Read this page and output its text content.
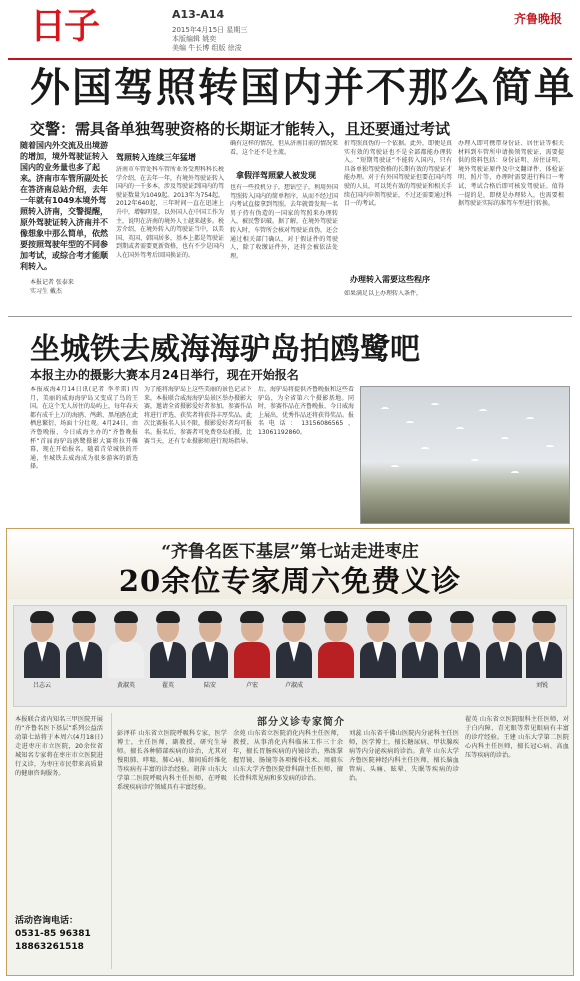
日子	A13-A14
2015年4月15日 星期三
本版编辑 姚奕
美编 牛长博 组版 徐浚
齐鲁晚报
外国驾照转国内并不那么简单
交警：需具备单独驾驶资格的长期证才能转入，且还要通过考试
随着国内外交流及出境游的增加，境外驾驶证转入国内的业务量也多了起来。济南市车管所副处长在答济南总站介绍，去年一年就有1049本境外驾照转入济南，交警提醒，原外驾驶证转入济南并不像想象中那么简单，依然要按照驾驶年型的不同参加考试，或综合考才能顺利转入。
本报记者 张泰来
实习生 戴杰
驾照转入连续三年猛增
济南市车管处科车管所业务受理科科长税学介绍，在去年一年，有境外驾驶证转入国内的一千多本，涉及驾驶证到国内的驾驶证数量为1049起。2013年为754起，2012年640起，三年时间一直在迅速上升中，增幅明显，以外国人在中国工作为主，说明在济南的境外人士越来越多。税芳介绍，在境外转入的驾驶证当中，以美国、英国、韩国居多，基本上都是驾驶证到期或者需要更新资格，也有不少是国内人在国外驾考后回国换证的。
确有这样的情况，但从济南目前的情况来看，这个还不是主流。
拿假洋驾照蒙人被发现
也有一些投机分子，想钻空子，利用外国驾照转入国内的简单程序，从而不经过国内考试直接拿到驾照。去年就曾发现一名男子持有伪造的一国家的驾照来办理转入，被民警识破。据了解，在境外驾驶证转入时，车管所会核对驾驶证真伪，还会通过相关部门确认，对于假证件的驾驶人，除了收缴证件外，还将会被依法处理。
折驾照真伪的一个依据。此外，即便是真实有效的驾驶证也不是全部都能办理转入。“短期驾驶证”不能转入国内，只有具备单独驾驶资格的长期有效的驾驶证才能办理。对于有外国驾驶证但要在国内驾驶的人员，可以凭有效的驾驶证和相关手续在国内申领驾驶证，不过还需要通过科目一的考试。
办理转入需要这些程序
如果满足以上办理转入条件，
办理入即可携带身份证、居住证等相关材料到车管所申请换领驾驶证，需要提供的资料包括：身份证明、居住证明、境外驾驶证原件及中文翻译件、体检证明、照片等，办理时需要进行科目一考试，考试合格后即可核发驾驶证。值得一提的是，即便是办理转入，也需要根据驾驶证实际的准驾车型进行转换。
坐城铁去威海海驴岛拍鸥鹭吧
本报主办的摄影大赛本月24日举行，现在开始报名
本报威海4月14日讯(记者 李孝雷) 四月，美丽的威海海驴岛又变成了鸟的王国。在这个无人居住的岛屿上，每年春天都有成千上万的海鸥、鸬鹚、黑尾鸥在此栖息繁衍，场面十分壮观。4月24日，由齐鲁晚报、今日威海主办的“齐鲁晚报杯”首届海驴岛鸥鹭摄影大赛将拉开帷幕，现在开始报名。随着青荣城铁的开通，坐城铁去威海成为很多游客的新选择。
为了能将海驴岛上这些美丽的景色记录下来，本报联合威海海驴岛景区举办摄影大赛，邀请全省摄影爱好者参加。参赛作品将进行评选，获奖者将获得丰厚奖品。此次比赛报名人员不限，摄影爱好者均可报名。报名后，参赛者可免费登岛拍摄，比赛当天，还有专业摄影师进行现场指导。
后，海驴岛将提供齐鲁晚报和这些看驴岛，为全省第六个摄影基地。同时，参赛作品在齐鲁晚报、今日威海上展出，优秀作品还将获得奖品。报名电话：13156086565、13061192860。
“齐鲁名医下基层”第七站走进枣庄
20余位专家周六免费义诊
吕志云	黄淑英	翟英	陆安	卢宏	卢淑成	刘锐
本报联合省内知名三甲医院开展的“齐鲁名医下基层”系列公益活动第七站将于本周六(4月18日)走进枣庄市立医院，20余位省城知名专家将在枣庄市立医院进行义诊，为枣庄市民带来高质量的健康咨询服务。
活动咨询电话：
0531-85 96381
18863261518
部分义诊专家简介
彭泽祥 山东省立医院呼吸科专家，医学博士，主任医师，副教授，研究生导师。擅长各种肺部疾病的诊治，尤其对慢阻肺、哮喘、肺心病、肺间质纤维化等疾病有丰富的诊治经验。胡萍 山东大学第二医院呼吸内科主任医师，在呼吸系统疾病诊疗领域具有丰富经验。
余苑 山东省立医院消化内科主任医师，教授，从事消化内科临床工作三十余年，擅长胃肠疾病的内镜诊治，熟练掌握胃镜、肠镜等各项操作技术。周毅东 山东大学齐鲁医院骨科副主任医师，擅长骨科常见病和多发病的诊治。
刘蕊 山东省千佛山医院内分泌科主任医师，医学博士，擅长糖尿病、甲状腺疾病等内分泌疾病的诊治。黄苹 山东大学齐鲁医院神经内科主任医师，擅长脑血管病、头痛、眩晕、失眠等疾病的诊治。
翟英 山东省立医院眼科主任医师，对于白内障、青光眼等常见眼病有丰富的诊疗经验。王建 山东大学第二医院心内科主任医师，擅长冠心病、高血压等疾病的诊治。
